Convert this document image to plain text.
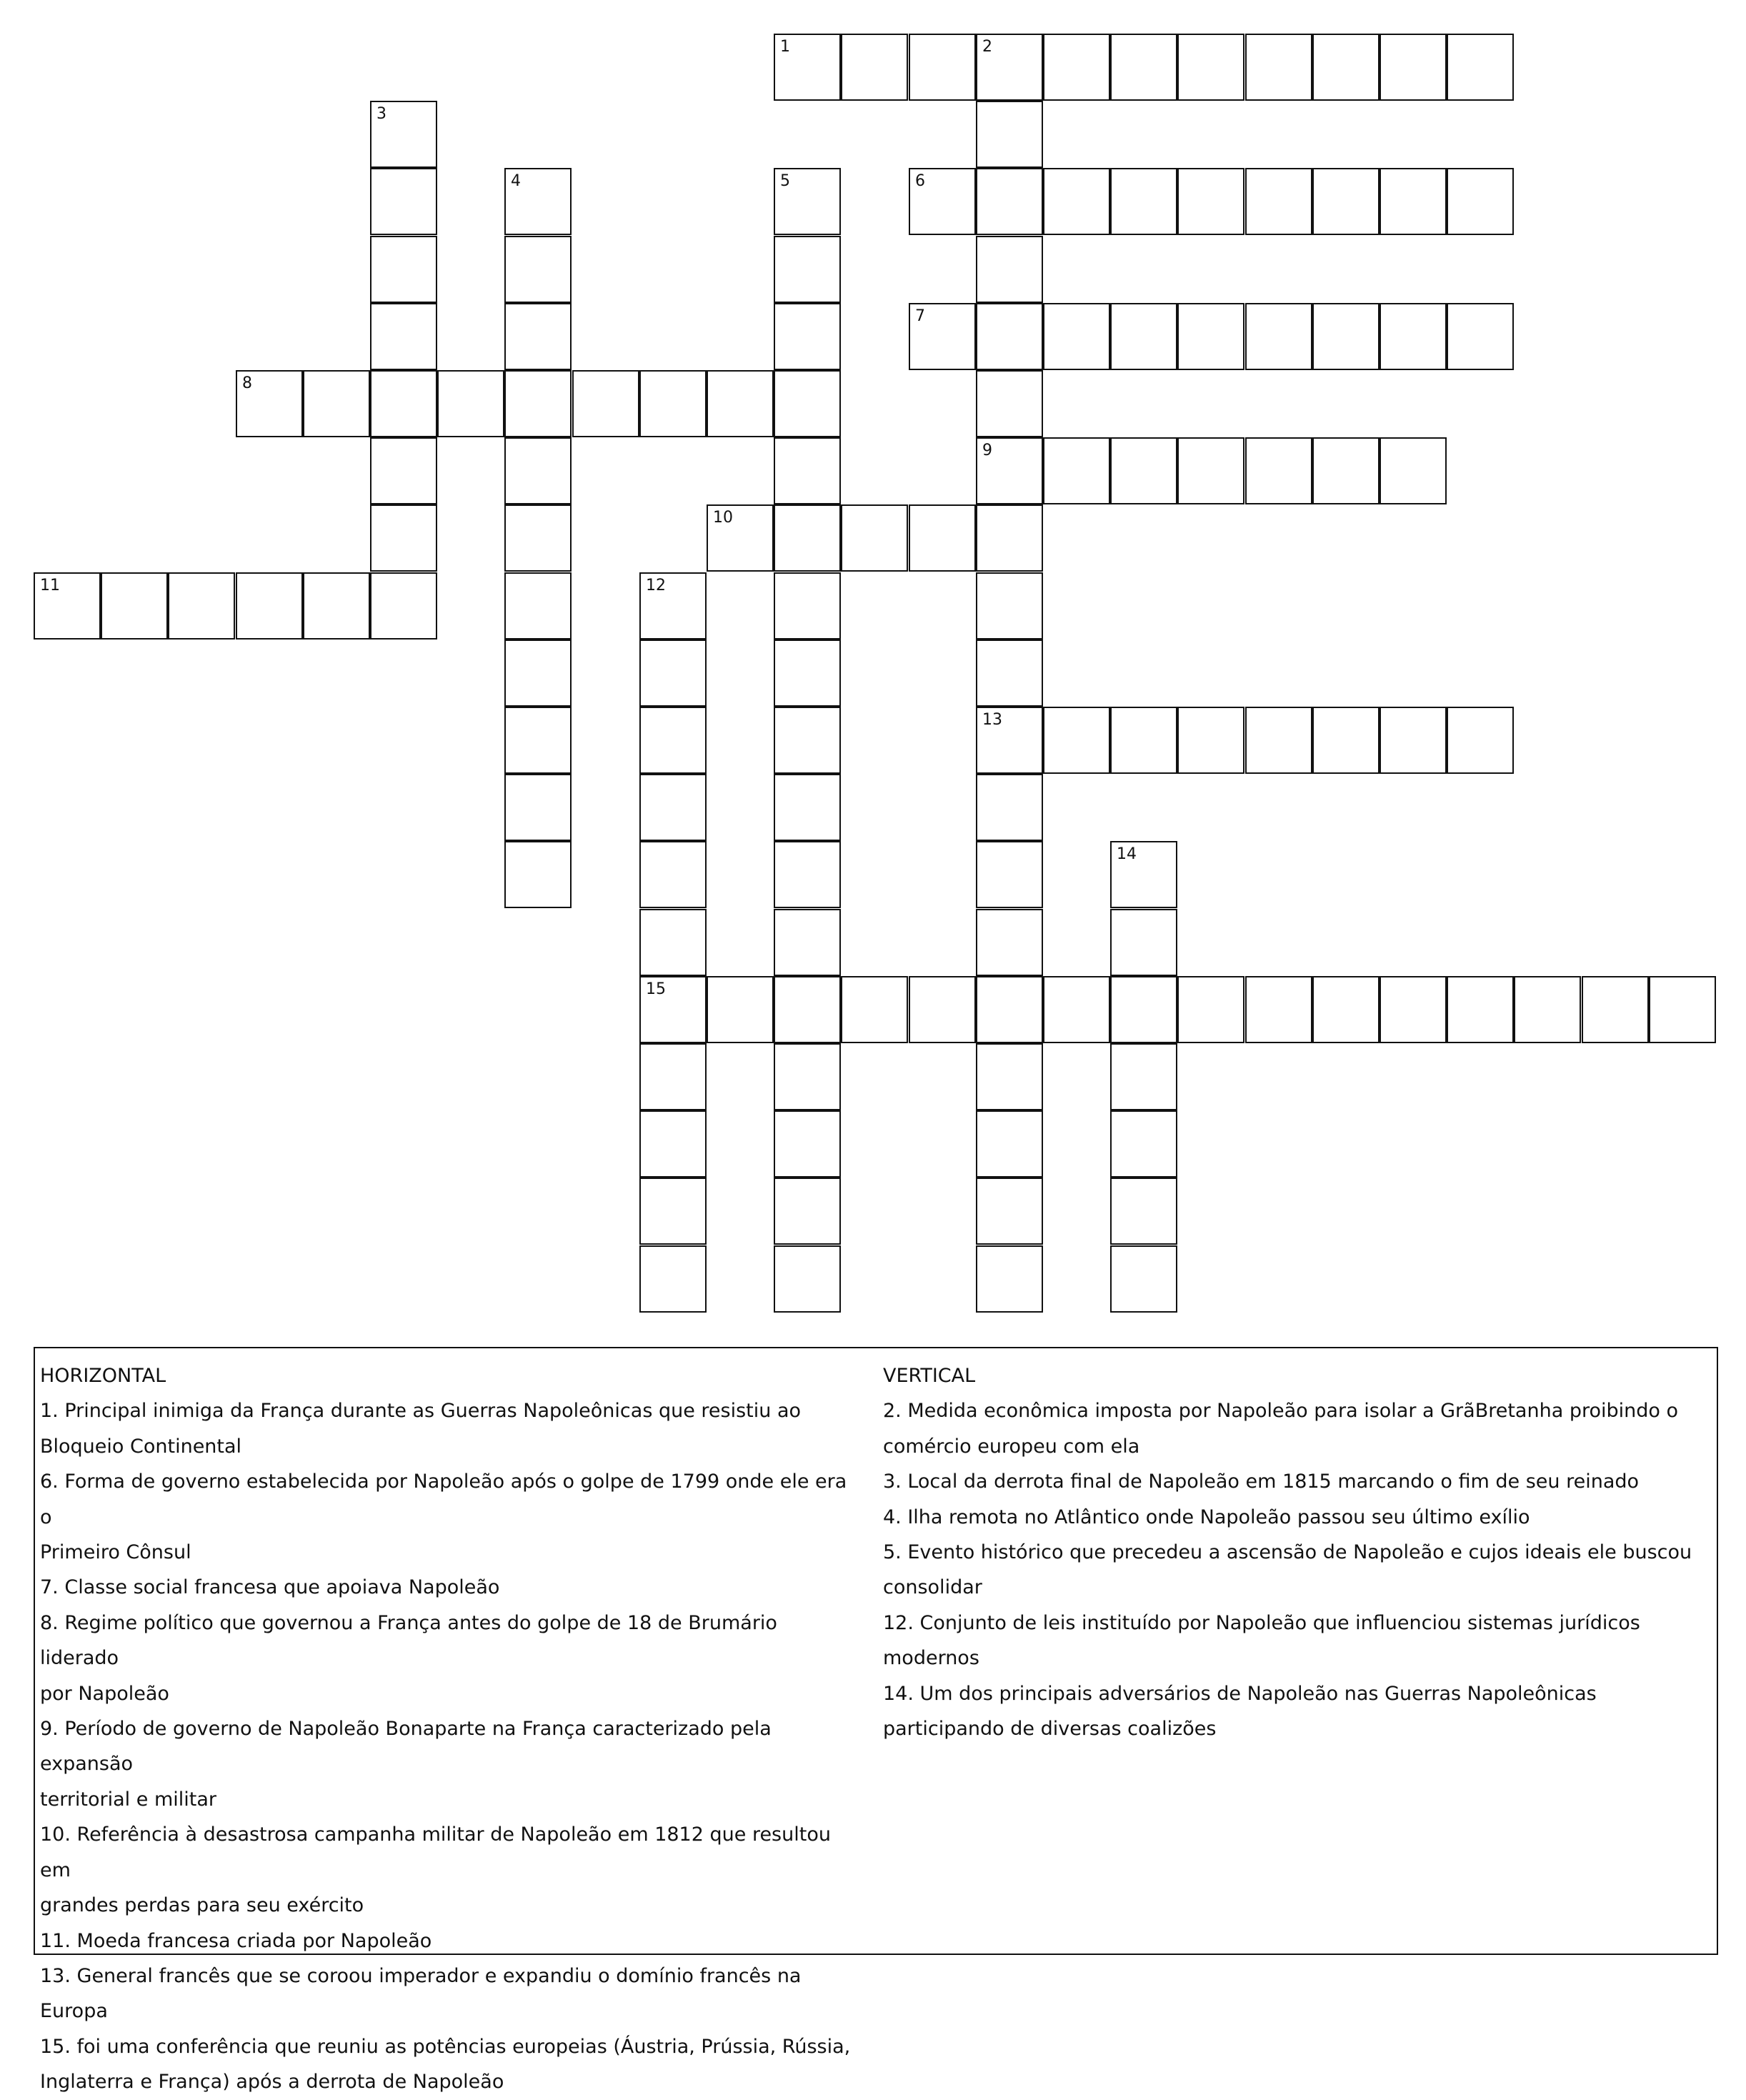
1	2
6
7
8
9
10
11
13
15
3
4	5
12
14
HORIZONTAL
1. Principal inimiga da França durante as Guerras Napoleônicas que resistiu ao
Bloqueio Continental
6. Forma de governo estabelecida por Napoleão após o golpe de 1799 onde ele era o
Primeiro Cônsul
7. Classe social francesa que apoiava Napoleão
8. Regime político que governou a França antes do golpe de 18 de Brumário liderado
por Napoleão
9. Período de governo de Napoleão Bonaparte na França caracterizado pela expansão
territorial e militar
10. Referência à desastrosa campanha militar de Napoleão em 1812 que resultou em
grandes perdas para seu exército
11. Moeda francesa criada por Napoleão
13. General francês que se coroou imperador e expandiu o domínio francês na Europa
15. foi uma conferência que reuniu as potências europeias (Áustria, Prússia, Rússia,
Inglaterra e França) após a derrota de Napoleão
VERTICAL
2. Medida econômica imposta por Napoleão para isolar a GrãBretanha proibindo o
comércio europeu com ela
3. Local da derrota final de Napoleão em 1815 marcando o fim de seu reinado
4. Ilha remota no Atlântico onde Napoleão passou seu último exílio
5. Evento histórico que precedeu a ascensão de Napoleão e cujos ideais ele buscou
consolidar
12. Conjunto de leis instituído por Napoleão que influenciou sistemas jurídicos
modernos
14. Um dos principais adversários de Napoleão nas Guerras Napoleônicas
participando de diversas coalizões
